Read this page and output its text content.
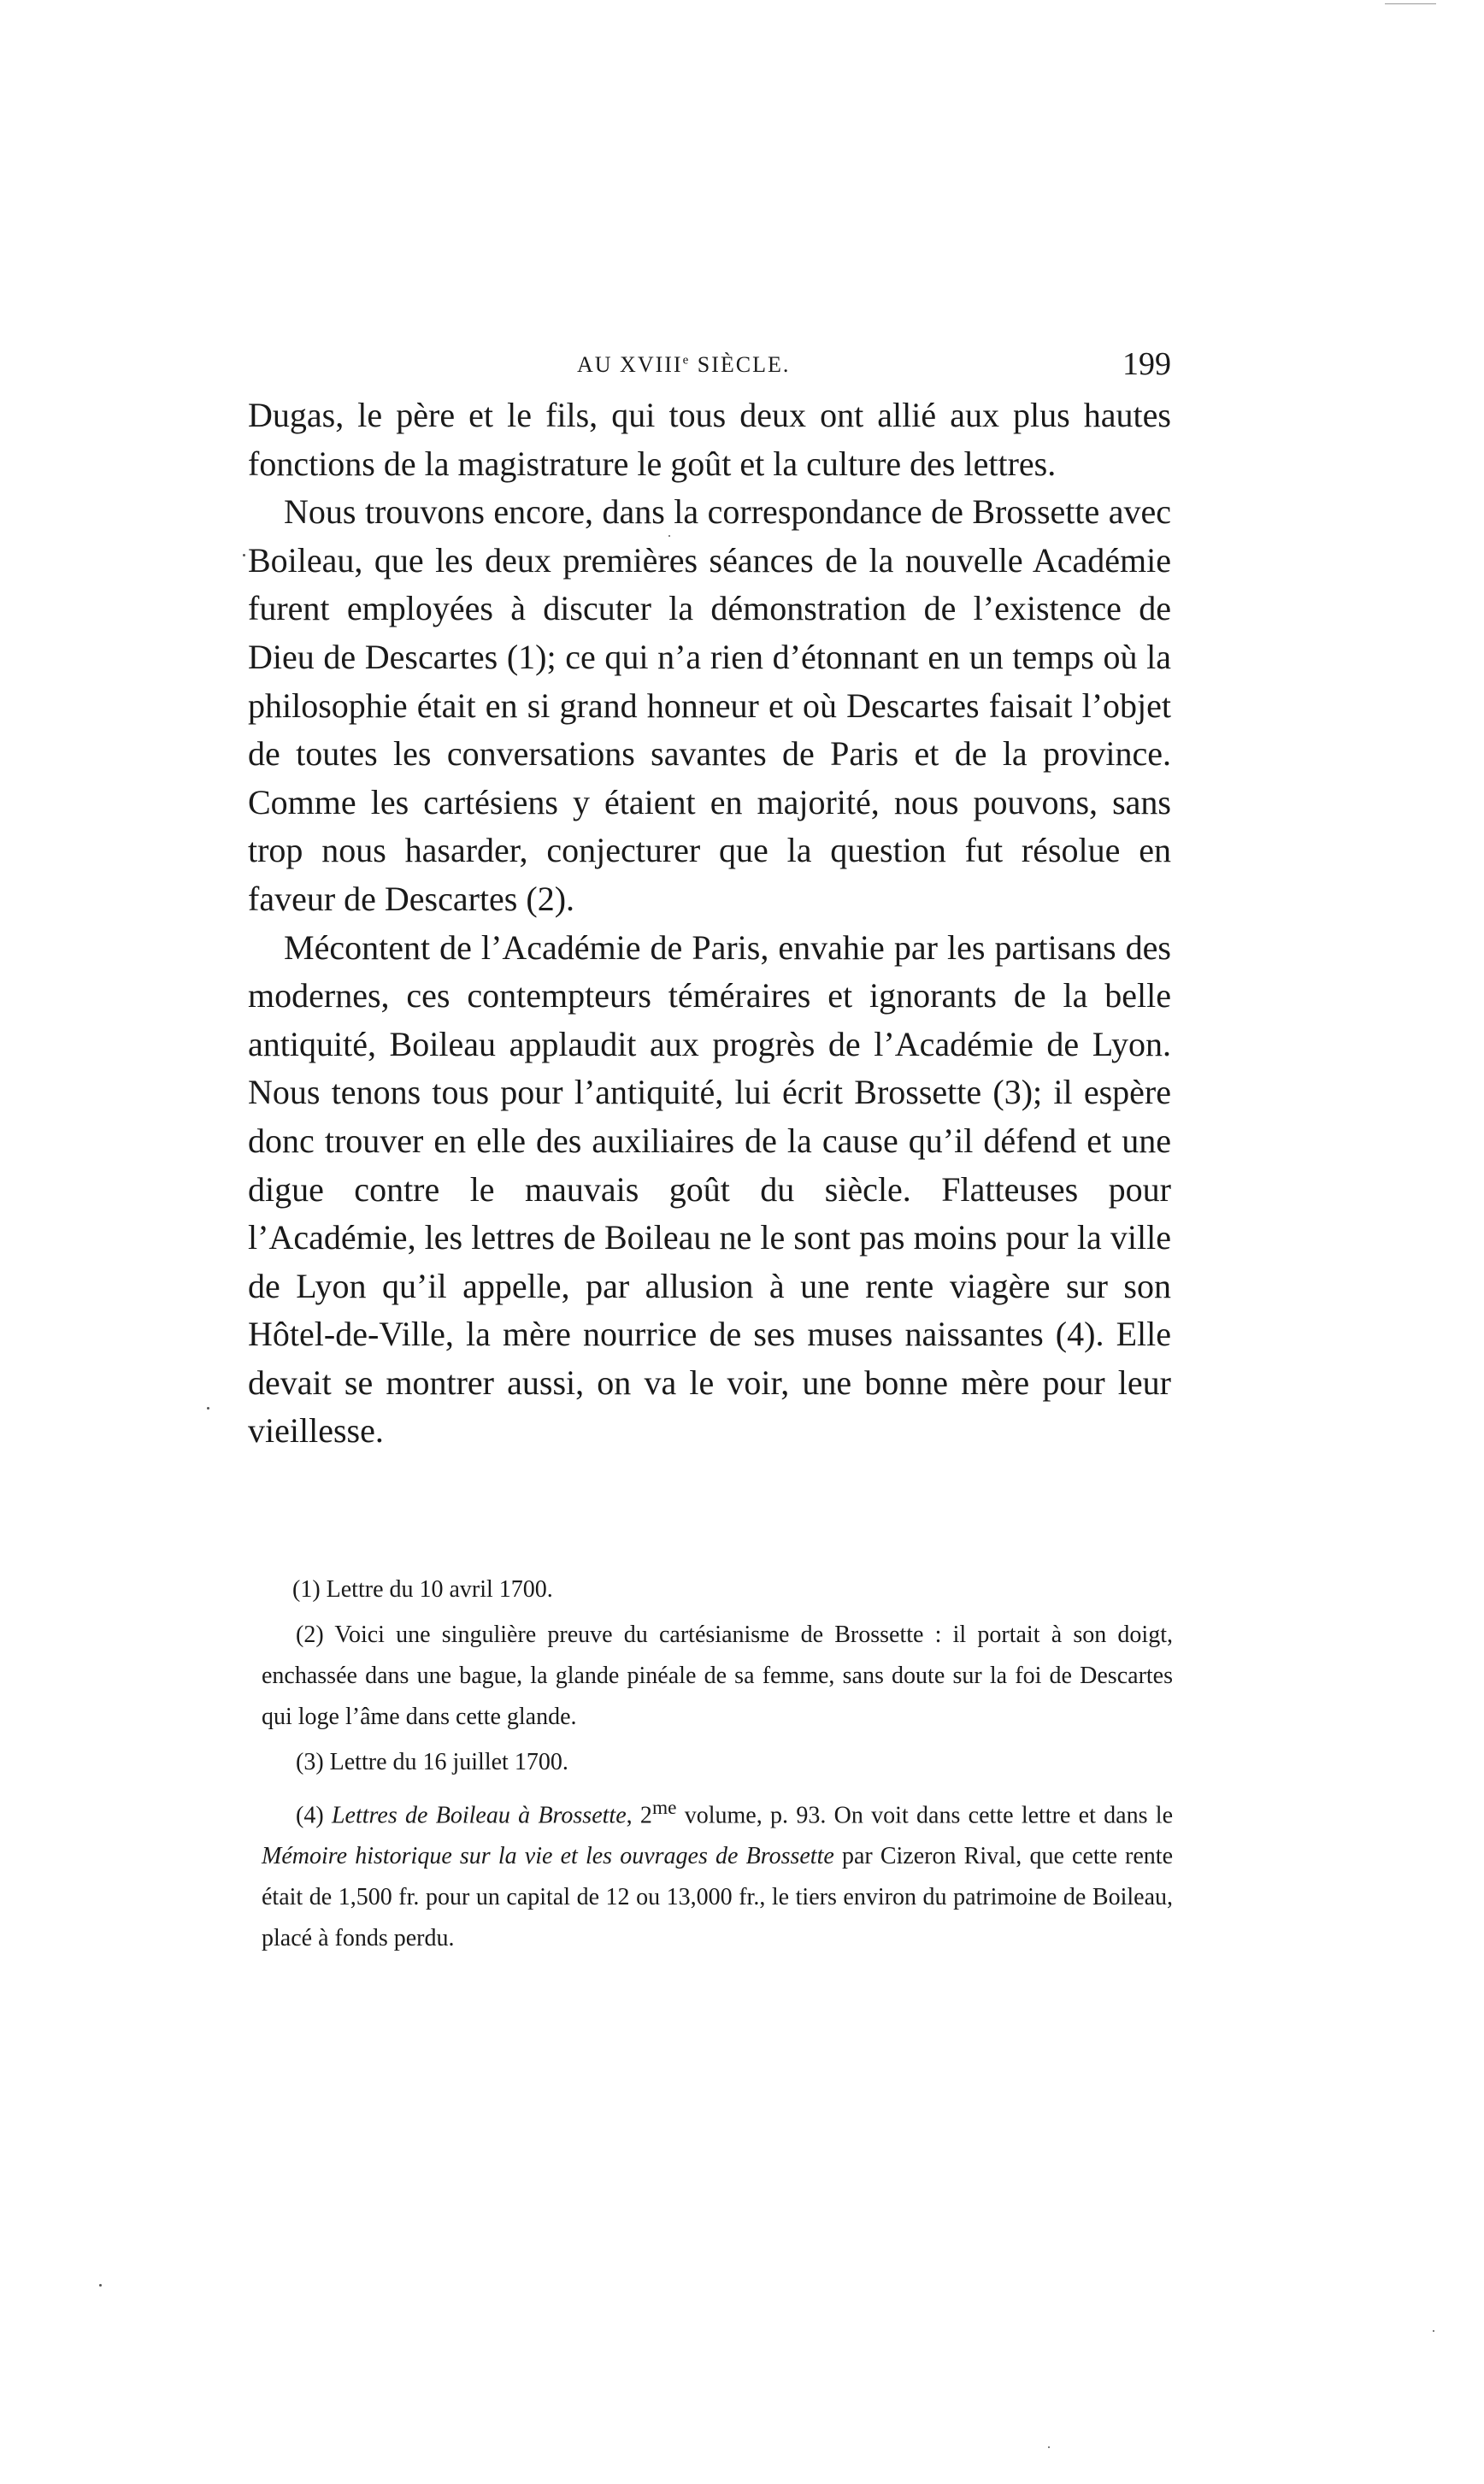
AU XVIIIe SIÈCLE.	199

Dugas, le père et le fils, qui tous deux ont allié aux plus hautes fonctions de la magistrature le goût et la culture des lettres.

Nous trouvons encore, dans la correspondance de Brossette avec Boileau, que les deux premières séances de la nouvelle Académie furent employées à discuter la démonstration de l’existence de Dieu de Descartes (1); ce qui n’a rien d’étonnant en un temps où la philosophie était en si grand honneur et où Descartes faisait l’objet de toutes les conversations savantes de Paris et de la province. Comme les cartésiens y étaient en majorité, nous pouvons, sans trop nous hasarder, conjecturer que la question fut résolue en faveur de Descartes (2).

Mécontent de l’Académie de Paris, envahie par les partisans des modernes, ces contempteurs téméraires et ignorants de la belle antiquité, Boileau applaudit aux progrès de l’Académie de Lyon. Nous tenons tous pour l’antiquité, lui écrit Brossette (3); il espère donc trouver en elle des auxiliaires de la cause qu’il défend et une digue contre le mauvais goût du siècle. Flatteuses pour l’Académie, les lettres de Boileau ne le sont pas moins pour la ville de Lyon qu’il appelle, par allusion à une rente viagère sur son Hôtel-de-Ville, la mère nourrice de ses muses naissantes (4). Elle devait se montrer aussi, on va le voir, une bonne mère pour leur vieillesse.

(1) Lettre du 10 avril 1700.

(2) Voici une singulière preuve du cartésianisme de Brossette : il portait à son doigt, enchassée dans une bague, la glande pinéale de sa femme, sans doute sur la foi de Descartes qui loge l’âme dans cette glande.

(3) Lettre du 16 juillet 1700.

(4) Lettres de Boileau à Brossette, $2^{me}$ volume, p. 93. On voit dans cette lettre et dans le Mémoire historique sur la vie et les ouvrages de Brossette par Cizeron Rival, que cette rente était de 1,500 fr. pour un capital de 12 ou 13,000 fr., le tiers environ du patrimoine de Boileau, placé à fonds perdu.
